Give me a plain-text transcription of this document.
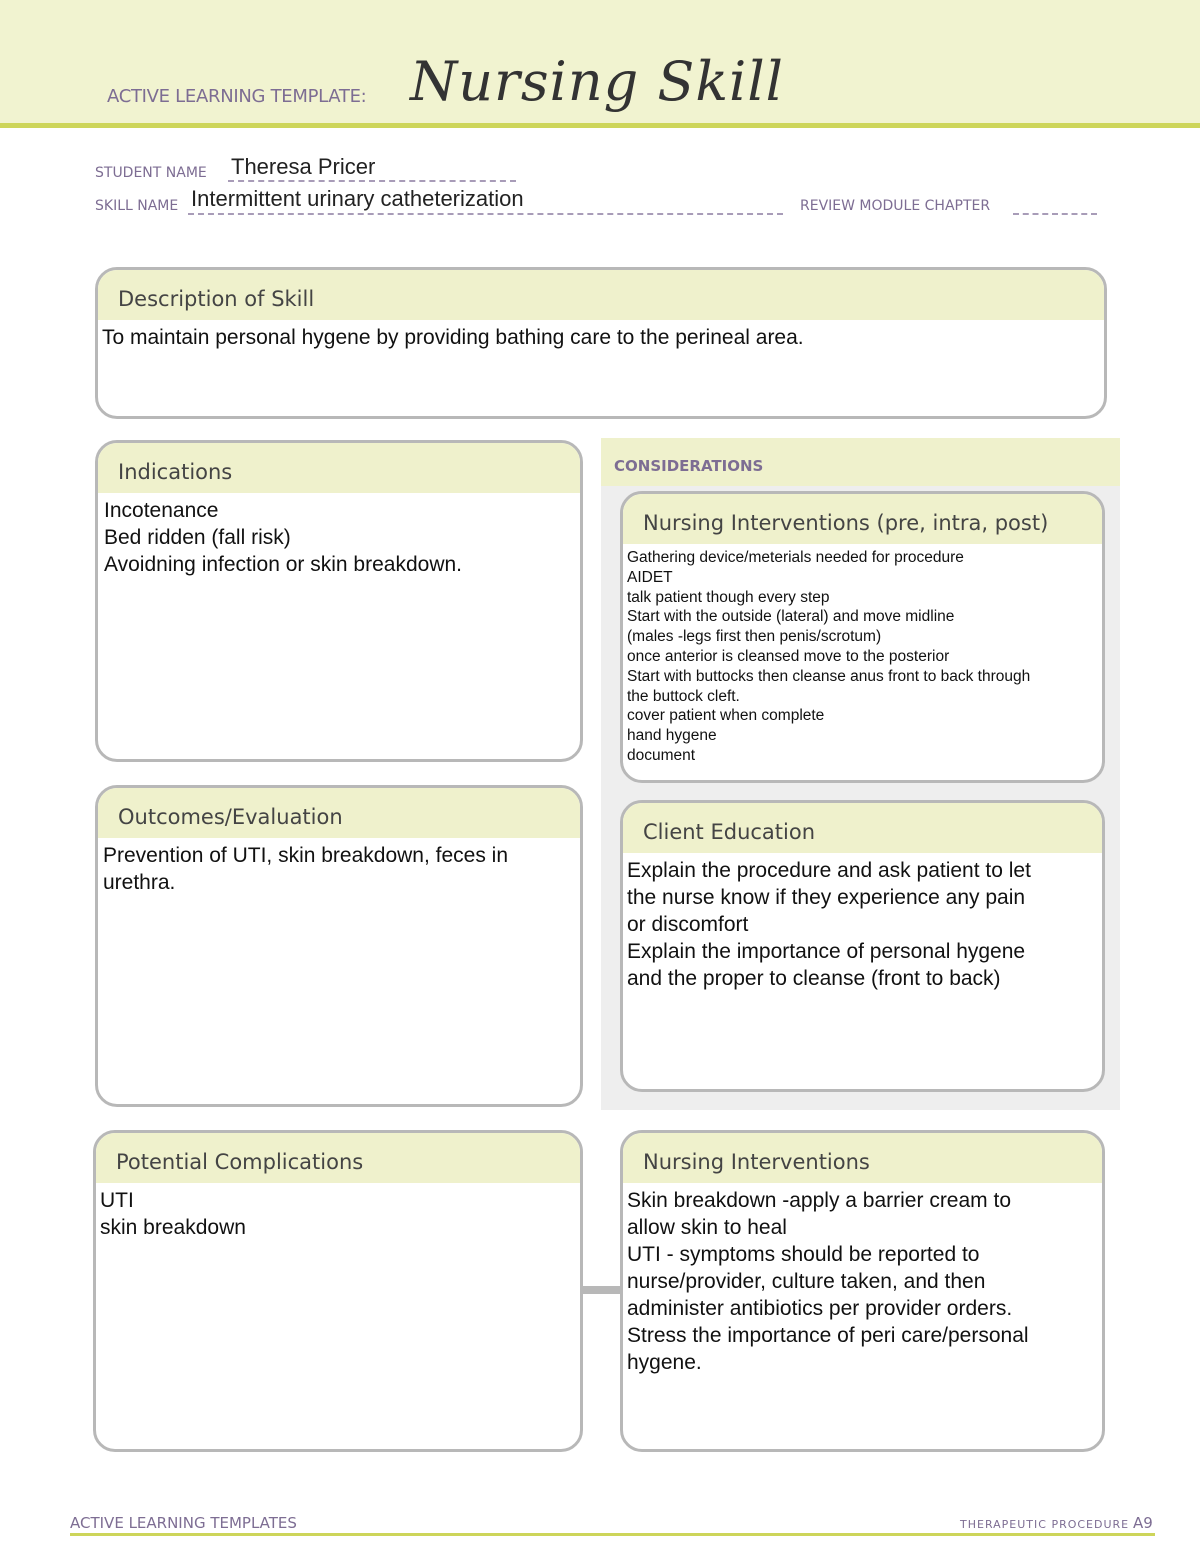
ACTIVE LEARNING TEMPLATE: Nursing Skill
STUDENT NAME Theresa Pricer
SKILL NAME Intermittent urinary catheterization	REVIEW MODULE CHAPTER
Description of Skill
To maintain personal hygene by providing bathing care to the perineal area.
Indications
Incotenance
Bed ridden (fall risk)
Avoidning infection or skin breakdown.
Outcomes/Evaluation
Prevention of UTI, skin breakdown, feces in
urethra.
CONSIDERATIONS
Nursing Interventions (pre, intra, post)
Gathering device/meterials needed for procedure
AIDET
talk patient though every step
Start with the outside (lateral) and move midline
(males -legs first then penis/scrotum)
once anterior is cleansed move to the posterior
Start with buttocks then cleanse anus front to back through
the buttock cleft.
cover patient when complete
hand hygene
document
Client Education
Explain the procedure and ask patient to let
the nurse know if they experience any pain
or discomfort
Explain the importance of personal hygene
and the proper to cleanse (front to back)
Potential Complications
UTI
skin breakdown
Nursing Interventions
Skin breakdown -apply a barrier cream to
allow skin to heal
UTI - symptoms should be reported to
nurse/provider, culture taken, and then
administer antibiotics per provider orders.
Stress the importance of peri care/personal
hygene.
ACTIVE LEARNING TEMPLATES	THERAPEUTIC PROCEDURE A9
